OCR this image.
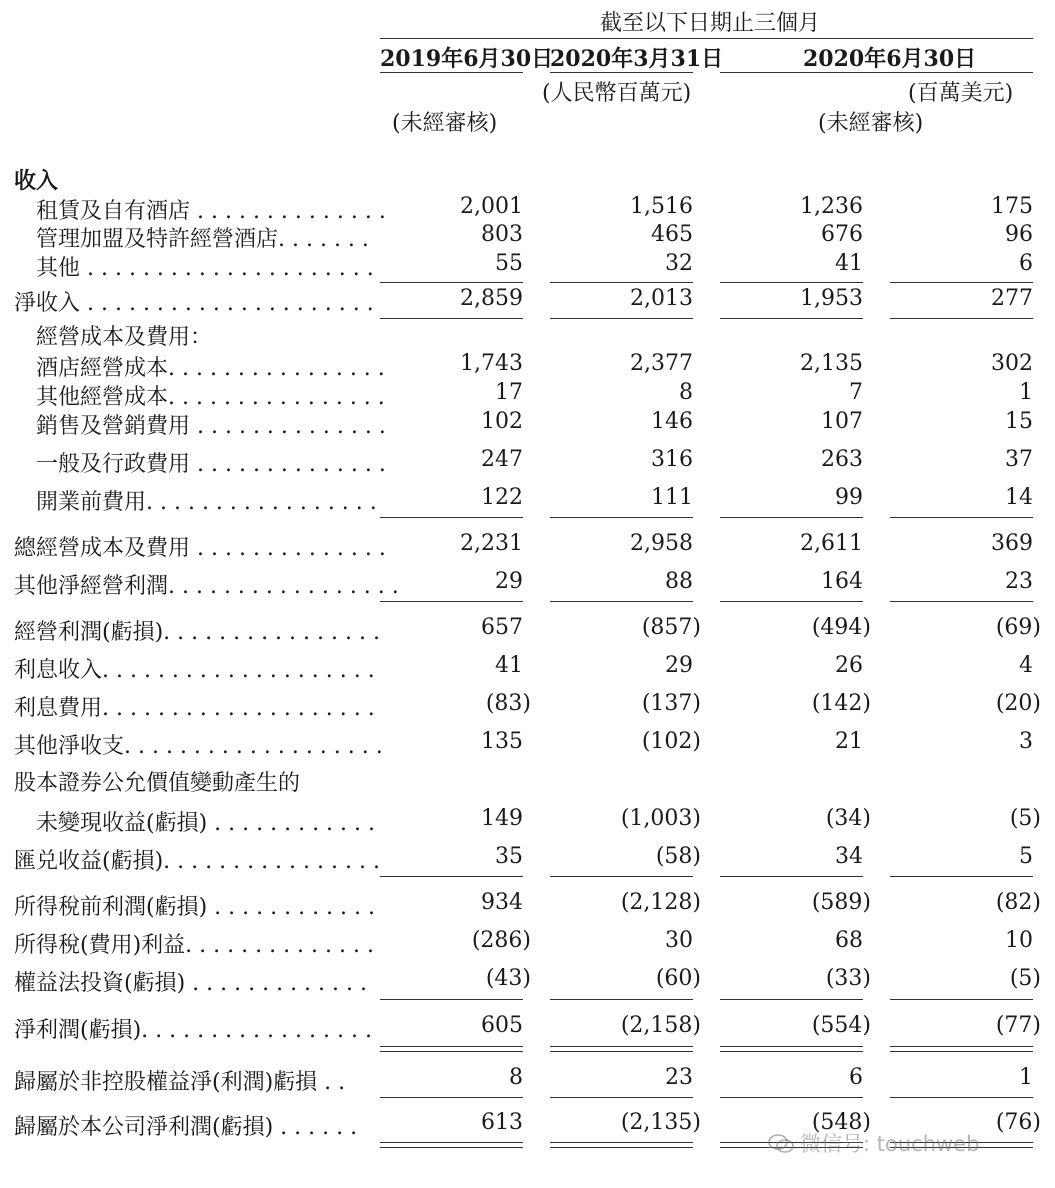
截至以下日期止三個月
2019年6月30日
2020年3月31日	2020年6月30日
(人民幣百萬元)	(百萬美元)
(未經審核)	(未經審核)
收入
經營成本及費用：
股本證券公允價值變動產生的
租賃及自有酒店 . . . . . . . . . . . . . .	2,001	1,516	1,236	175
管理加盟及特許經營酒店. . . . . . .	803	465	676	96
其他 . . . . . . . . . . . . . . . . . . . . .	55	32	41	6
淨收入 . . . . . . . . . . . . . . . . . . . . .	2,859	2,013	1,953	277
酒店經營成本. . . . . . . . . . . . . . . .	1,743	2,377	2,135	302
其他經營成本. . . . . . . . . . . . . . . .	17	8	7	1
銷售及營銷費用 . . . . . . . . . . . . . .	102	146	107	15
一般及行政費用 . . . . . . . . . . . . . .	247	316	263	37
開業前費用. . . . . . . . . . . . . . . . .	122	111	99	14
總經營成本及費用 . . . . . . . . . . . . . .	2,231	2,958	2,611	369
其他淨經營利潤. . . . . . . . . . . . . . . . .	29	88	164	23
經營利潤(虧損). . . . . . . . . . . . . . . .	657	(857)	(494)	(69)
利息收入. . . . . . . . . . . . . . . . . . . .	41	29	26	4
利息費用. . . . . . . . . . . . . . . . . . . .	(83)	(137)	(142)	(20)
其他淨收支. . . . . . . . . . . . . . . . . . .	135	(102)	21	3
未變現收益(虧損) . . . . . . . . . . . .	149	(1,003)	(34)	(5)
匯兑收益(虧損). . . . . . . . . . . . . . . .	35	(58)	34	5
所得稅前利潤(虧損) . . . . . . . . . . . .	934	(2,128)	(589)	(82)
所得稅(費用)利益. . . . . . . . . . . . . .	(286)	30	68	10
權益法投資(虧損) . . . . . . . . . . . . .	(43)	(60)	(33)	(5)
淨利潤(虧損). . . . . . . . . . . . . . . . .	605	(2,158)	(554)	(77)
歸屬於非控股權益淨(利潤)虧損 . .	8	23	6	1
歸屬於本公司淨利潤(虧損) . . . . . .	613	(2,135)	(548)	(76)
微信号: touchweb
